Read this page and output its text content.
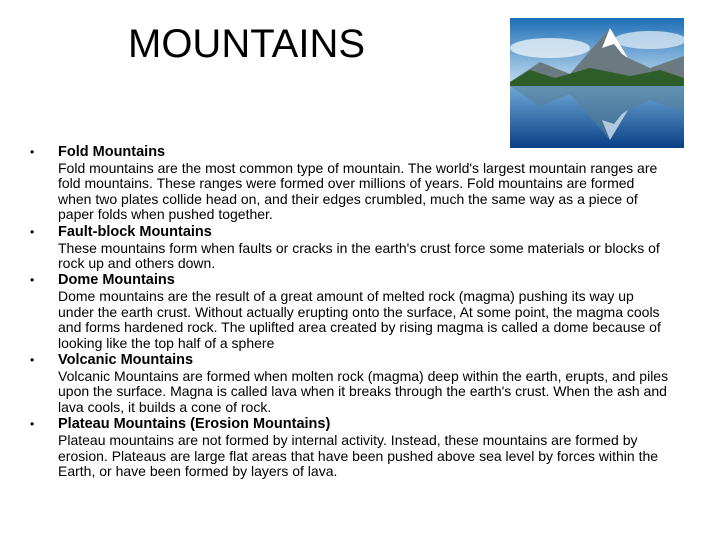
MOUNTAINS
• Fold Mountains
Fold mountains are the most common type of mountain. The world's largest mountain ranges are fold mountains. These ranges were formed over millions of years. Fold mountains are formed when two plates collide head on, and their edges crumbled, much the same way as a piece of paper folds when pushed together.
• Fault-block Mountains
These mountains form when faults or cracks in the earth's crust force some materials or blocks of rock up and others down.
• Dome Mountains
Dome mountains are the result of a great amount of melted rock (magma) pushing its way up under the earth crust. Without actually erupting onto the surface, At some point, the magma cools and forms hardened rock. The uplifted area created by rising magma is called a dome because of looking like the top half of a sphere
• Volcanic Mountains
Volcanic Mountains are formed when molten rock (magma) deep within the earth, erupts, and piles upon the surface. Magna is called lava when it breaks through the earth's crust. When the ash and lava cools, it builds a cone of rock.
• Plateau Mountains (Erosion Mountains)
Plateau mountains are not formed by internal activity. Instead, these mountains are formed by erosion. Plateaus are large flat areas that have been pushed above sea level by forces within the Earth, or have been formed by layers of lava.
